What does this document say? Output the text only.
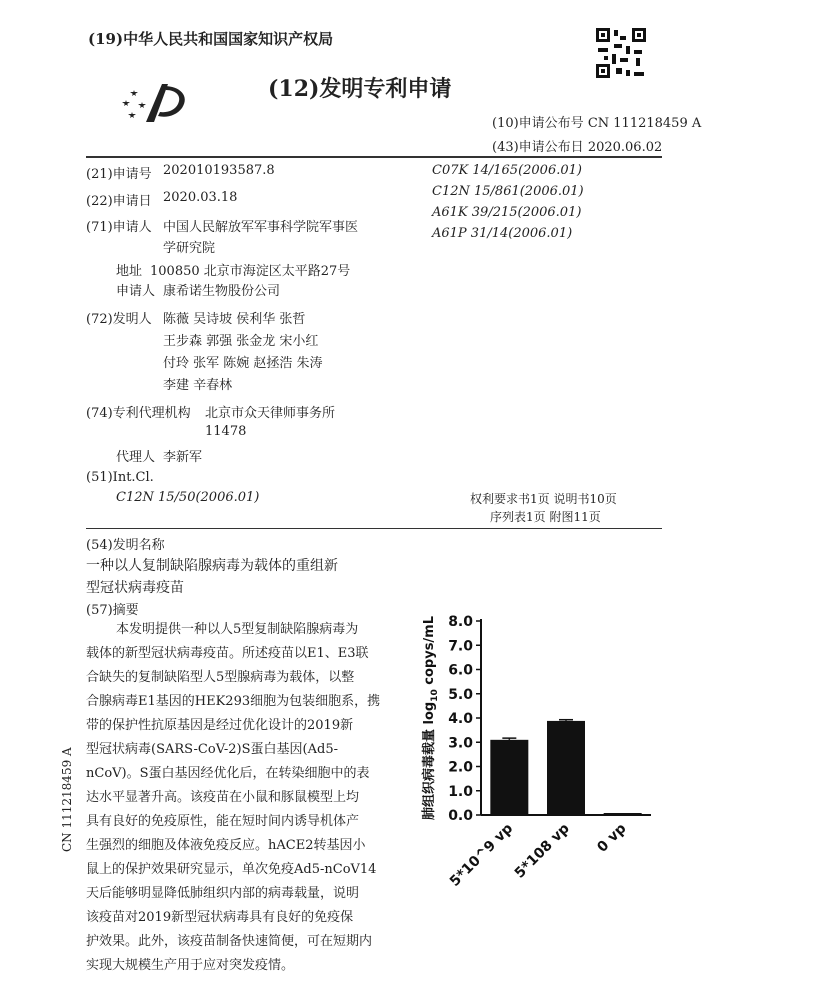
(19)中华人民共和国国家知识产权局
(12)发明专利申请
(10)申请公布号 CN 111218459 A
(43)申请公布日 2020.06.02
(21)申请号 202010193587.8
(22)申请日 2020.03.18
(71)申请人 中国人民解放军军事科学院军事医
学研究院
地址 100850 北京市海淀区太平路27号
申请人 康希诺生物股份公司
(72)发明人 陈薇 吴诗坡 侯利华 张哲
王步森 郭强 张金龙 宋小红
付玲 张军 陈婉 赵拯浩 朱涛
李建 辛春林
(74)专利代理机构 北京市众天律师事务所
11478
代理人 李新军
(51)Int.Cl.
C12N 15/50(2006.01)
C07K 14/165(2006.01)
C12N 15/861(2006.01)
A61K 39/215(2006.01)
A61P 31/14(2006.01)
权利要求书1页 说明书10页
序列表1页 附图11页
(54)发明名称
一种以人复制缺陷腺病毒为载体的重组新
型冠状病毒疫苗
(57)摘要
本发明提供一种以人5型复制缺陷腺病毒为
载体的新型冠状病毒疫苗。所述疫苗以E1、E3联
合缺失的复制缺陷型人5型腺病毒为载体，以整
合腺病毒E1基因的HEK293细胞为包装细胞系，携
带的保护性抗原基因是经过优化设计的2019新
型冠状病毒(SARS-CoV-2)S蛋白基因(Ad5-
nCoV)。S蛋白基因经优化后，在转染细胞中的表
达水平显著升高。该疫苗在小鼠和豚鼠模型上均
具有良好的免疫原性，能在短时间内诱导机体产
生强烈的细胞及体液免疫反应。hACE2转基因小
鼠上的保护效果研究显示，单次免疫Ad5-nCoV14
天后能够明显降低肺组织内部的病毒载量，说明
该疫苗对2019新型冠状病毒具有良好的免疫保
护效果。此外，该疫苗制备快速简便，可在短期内
实现大规模生产用于应对突发疫情。
CN 111218459 A	肺组织病毒载量 $\log_{10}$ copys/mL
0.0
1.0
2.0
3.0
4.0
5.0
6.0
7.0
8.0
5*10^9 vp
5*108 vp 0 vp
